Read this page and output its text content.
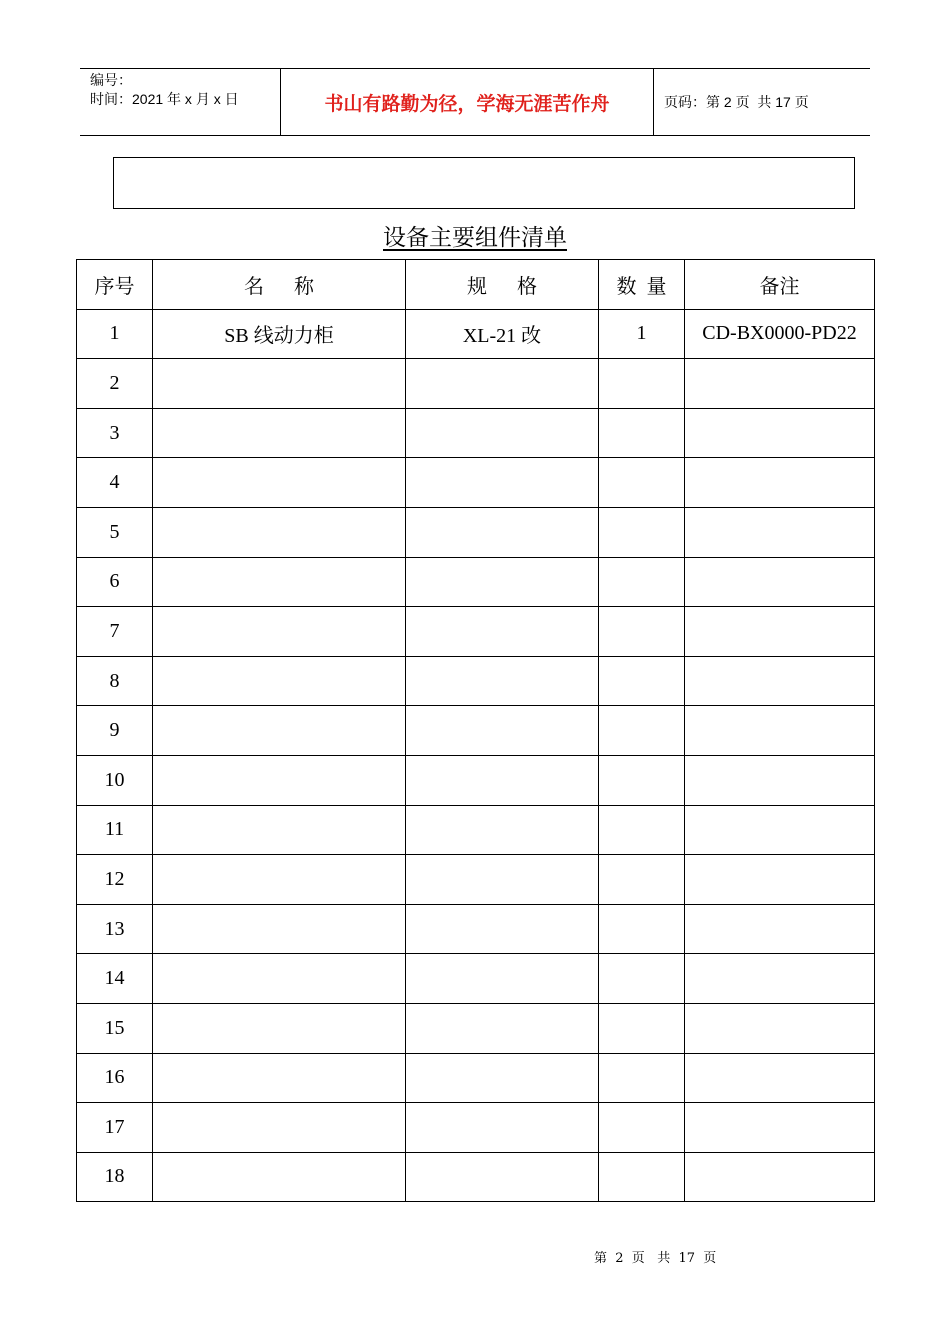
编号：
时间：2021 年 x 月 x 日	书山有路勤为径，学海无涯苦作舟	页码：第 2 页  共 17 页
设备主要组件清单
序号	名      称	规      格	数  量	备注
1	SB 线动力柜	XL-21 改	1	CD-BX0000-PD22
2				
3				
4				
5				
6				
7				
8				
9				
10				
11				
12				
13				
14				
15				
16				
17				
18				
第  2  页   共  17  页
